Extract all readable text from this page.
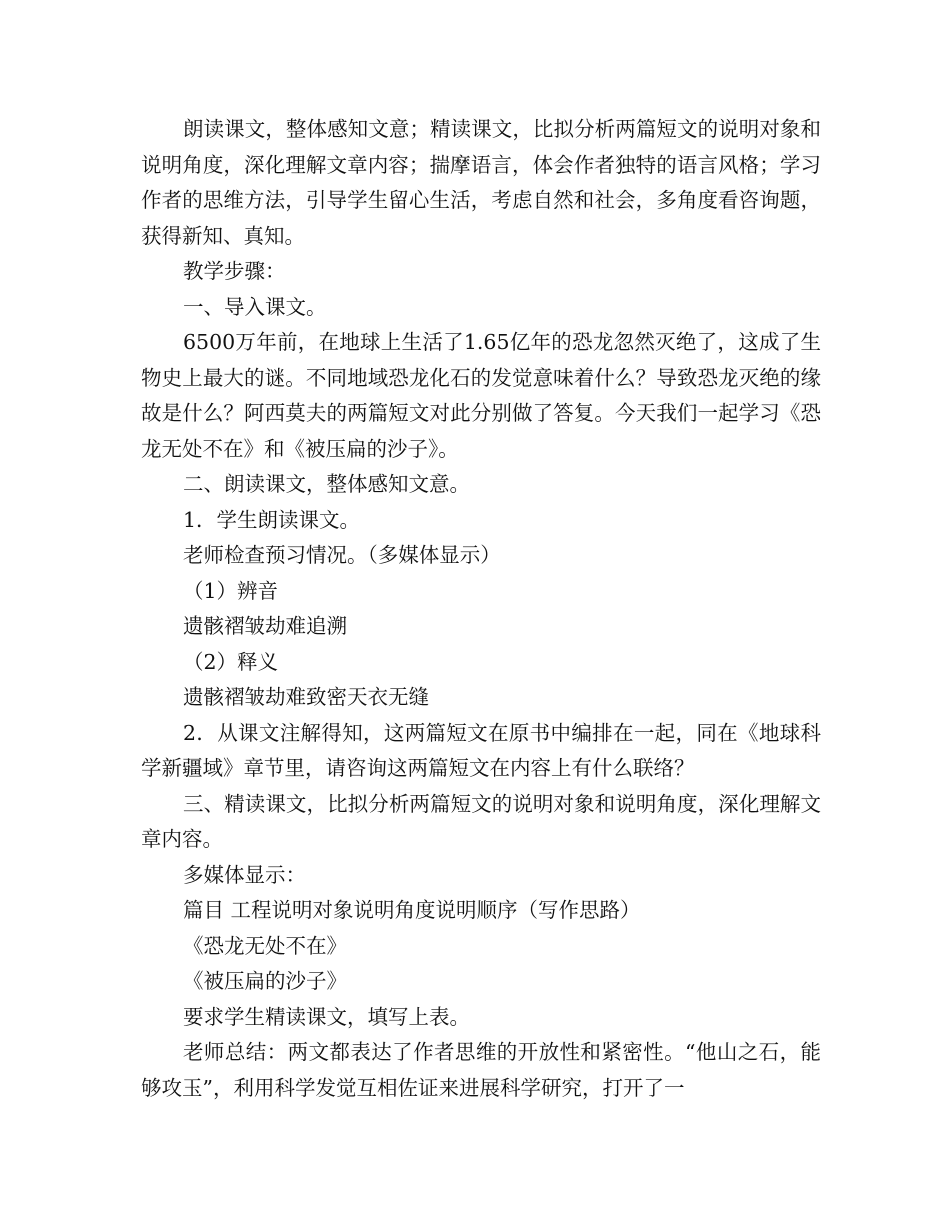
朗读课文，整体感知文意；精读课文，比拟分析两篇短文的说明对象和说明角度，深化理解文章内容；揣摩语言，体会作者独特的语言风格；学习作者的思维方法，引导学生留心生活，考虑自然和社会，多角度看咨询题，获得新知、真知。

教学步骤：

一、导入课文。

6500万年前，在地球上生活了1.65亿年的恐龙忽然灭绝了，这成了生物史上最大的谜。不同地域恐龙化石的发觉意味着什么？导致恐龙灭绝的缘故是什么？阿西莫夫的两篇短文对此分别做了答复。今天我们一起学习《恐龙无处不在》和《被压扁的沙子》。

二、朗读课文，整体感知文意。

1．学生朗读课文。

老师检查预习情况。（多媒体显示）

（1）辨音

遗骸褶皱劫难追溯

（2）释义

遗骸褶皱劫难致密天衣无缝

2．从课文注解得知，这两篇短文在原书中编排在一起，同在《地球科学新疆域》章节里，请咨询这两篇短文在内容上有什么联络？

三、精读课文，比拟分析两篇短文的说明对象和说明角度，深化理解文章内容。

多媒体显示：

篇目 工程说明对象说明角度说明顺序（写作思路）

《恐龙无处不在》

《被压扁的沙子》

要求学生精读课文，填写上表。

老师总结：两文都表达了作者思维的开放性和紧密性。“他山之石，能够攻玉”，利用科学发觉互相佐证来进展科学研究，打开了一
